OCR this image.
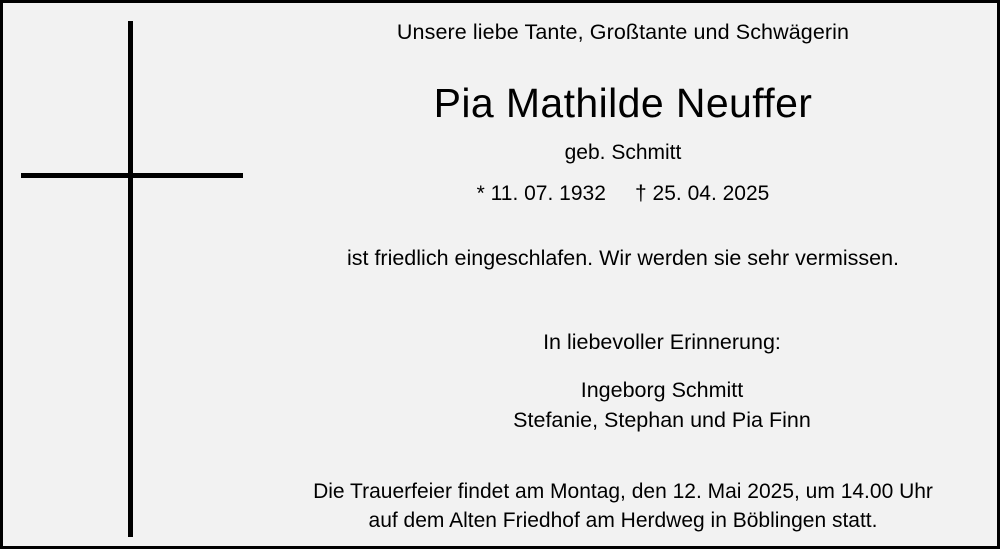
Unsere liebe Tante, Großtante und Schwägerin
Pia Mathilde Neuffer
geb. Schmitt
* 11. 07. 1932     † 25. 04. 2025
ist friedlich eingeschlafen. Wir werden sie sehr vermissen.
In liebevoller Erinnerung:
Ingeborg Schmitt
Stefanie, Stephan und Pia Finn
Die Trauerfeier findet am Montag, den 12. Mai 2025, um 14.00 Uhr
auf dem Alten Friedhof am Herdweg in Böblingen statt.
